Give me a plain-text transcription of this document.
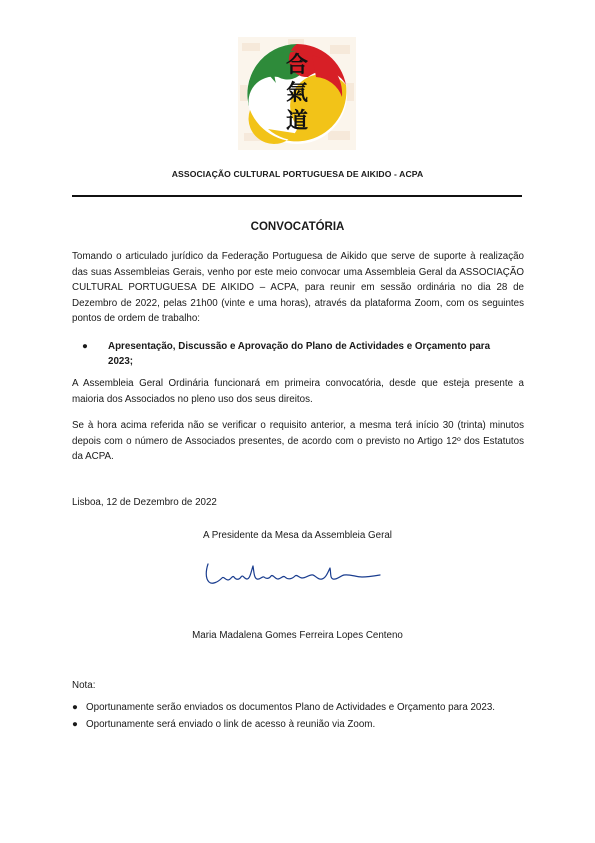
合氣道
ASSOCIAÇÃO CULTURAL PORTUGUESA DE AIKIDO - ACPA
CONVOCATÓRIA
Tomando o articulado jurídico da Federação Portuguesa de Aikido que serve de suporte à realização das suas Assembleias Gerais, venho por este meio convocar uma Assembleia Geral da ASSOCIAÇÃO CULTURAL PORTUGUESA DE AIKIDO – ACPA, para reunir em sessão ordinária no dia 28 de Dezembro de 2022, pelas 21h00 (vinte e uma horas), através da plataforma Zoom, com os seguintes pontos de ordem de trabalho:
●	Apresentação, Discussão e Aprovação do Plano de Actividades e Orçamento para 2023;
A Assembleia Geral Ordinária funcionará em primeira convocatória, desde que esteja presente a maioria dos Associados no pleno uso dos seus direitos.
Se à hora acima referida não se verificar o requisito anterior, a mesma terá início 30 (trinta) minutos depois com o número de Associados presentes, de acordo com o previsto no Artigo 12º dos Estatutos da ACPA.
Lisboa, 12 de Dezembro de 2022
A Presidente da Mesa da Assembleia Geral
Maria Madalena Gomes Ferreira Lopes Centeno
Nota:
● Oportunamente serão enviados os documentos Plano de Actividades e Orçamento para 2023.
● Oportunamente será enviado o link de acesso à reunião via Zoom.
